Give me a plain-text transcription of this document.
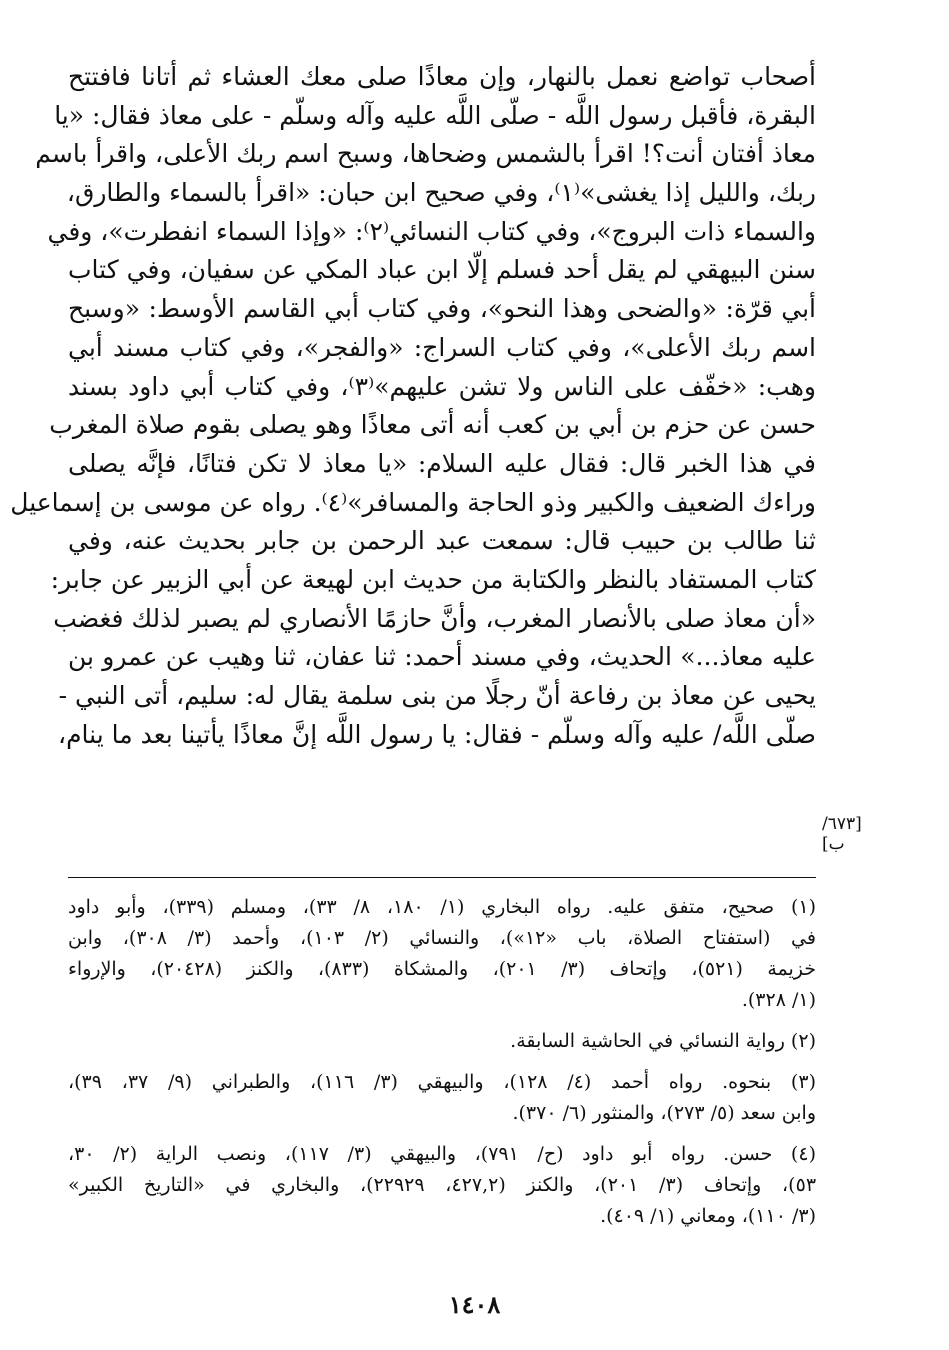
أصحاب تواضع نعمل بالنهار، وإن معاذًا صلى معك العشاء ثم أتانا فافتتح
البقرة، فأقبل رسول اللَّه - صلّى اللَّه عليه وآله وسلّم - على معاذ فقال: «يا
معاذ أفتان أنت؟! اقرأ بالشمس وضحاها، وسبح اسم ربك الأعلى، واقرأ باسم
ربك، والليل إذا يغشى»⁽١⁾، وفي صحيح ابن حبان: «اقرأ بالسماء والطارق،
والسماء ذات البروج»، وفي كتاب النسائي⁽٢⁾: «وإذا السماء انفطرت»، وفي
سنن البيهقي لم يقل أحد فسلم إلّا ابن عباد المكي عن سفيان، وفي كتاب
أبي قرّة: «والضحى وهذا النحو»، وفي كتاب أبي القاسم الأوسط: «وسبح
اسم ربك الأعلى»، وفي كتاب السراج: «والفجر»، وفي كتاب مسند أبي
وهب: «خفّف على الناس ولا تشن عليهم»⁽٣⁾، وفي كتاب أبي داود بسند
حسن عن حزم بن أبي بن كعب أنه أتى معاذًا وهو يصلى بقوم صلاة المغرب
في هذا الخبر قال: فقال عليه السلام: «يا معاذ لا تكن فتانًا، فإنَّه يصلى
وراءك الضعيف والكبير وذو الحاجة والمسافر»⁽٤⁾. رواه عن موسى بن إسماعيل
ثنا طالب بن حبيب قال: سمعت عبد الرحمن بن جابر بحديث عنه، وفي
كتاب المستفاد بالنظر والكتابة من حديث ابن لهيعة عن أبي الزبير عن جابر:
«أن معاذ صلى بالأنصار المغرب، وأنَّ حازمًا الأنصاري لم يصبر لذلك فغضب
عليه معاذ...» الحديث، وفي مسند أحمد: ثنا عفان، ثنا وهيب عن عمرو بن
يحيى عن معاذ بن رفاعة أنّ رجلًا من بنى سلمة يقال له: سليم، أتى النبي -
صلّى اللَّه/ عليه وآله وسلّم - فقال: يا رسول اللَّه إنَّ معاذًا يأتينا بعد ما ينام،
[٦٧٣/ ب]
(١) صحيح، متفق عليه. رواه البخاري (١/ ١٨٠، ٨/ ٣٣)، ومسلم (٣٣٩)، وأبو داود
في (استفتاح الصلاة، باب «١٢»)، والنسائي (٢/ ١٠٣)، وأحمد (٣/ ٣٠٨)، وابن
خزيمة (٥٢١)، وإتحاف (٣/ ٢٠١)، والمشكاة (٨٣٣)، والكنز (٢٠٤٢٨)، والإرواء
(١/ ٣٢٨).
(٢) رواية النسائي في الحاشية السابقة.
(٣) بنحوه. رواه أحمد (٤/ ١٢٨)، والبيهقي (٣/ ١١٦)، والطبراني (٩/ ٣٧، ٣٩)،
وابن سعد (٥/ ٢٧٣)، والمنثور (٦/ ٣٧٠).
(٤) حسن. رواه أبو داود (ح/ ٧٩١)، والبيهقي (٣/ ١١٧)، ونصب الراية (٢/ ٣٠،
٥٣)، وإتحاف (٣/ ٢٠١)، والكنز (٤٢٧,٢، ٢٢٩٢٩)، والبخاري في «التاريخ الكبير»
(٣/ ١١٠)، ومعاني (١/ ٤٠٩).
١٤٠٨
